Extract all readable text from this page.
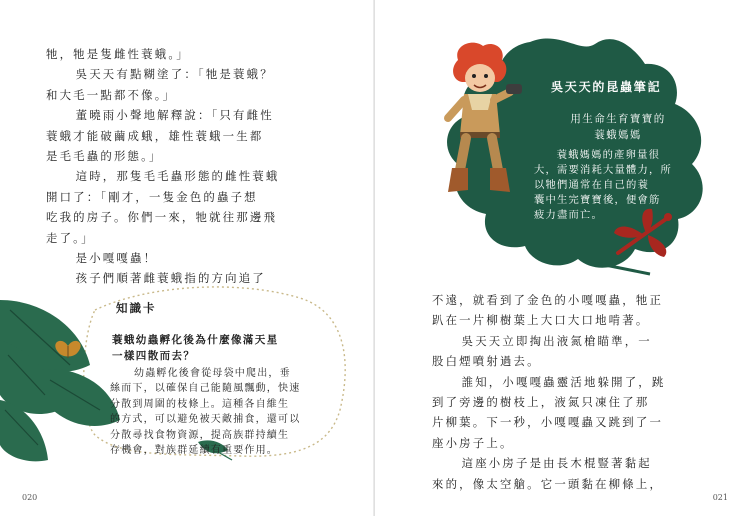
牠，牠是隻雌性蓑蛾。」

吳天天有點糊塗了：「牠是蓑蛾？

和大毛一點都不像。」

董曉雨小聲地解釋說：「只有雌性

蓑蛾才能破繭成蛾，雄性蓑蛾一生都

是毛毛蟲的形態。」

這時，那隻毛毛蟲形態的雌性蓑蛾

開口了：「剛才，一隻金色的蟲子想

吃我的房子。你們一來，牠就往那邊飛

走了。」

是小嘎嘎蟲！

孩子們順著雌蓑蛾指的方向追了

知識卡
蓑蛾幼蟲孵化後為什麼像滿天星
一樣四散而去？

幼蟲孵化後會從母袋中爬出，垂

絲而下，以確保自己能隨風飄動，快速

分散到周圍的枝條上。這種各自維生

的方式，可以避免被天敵捕食，還可以

分散尋找食物資源，提高族群持續生

存機會，對族群延續有重要作用。

020
吳天天的昆蟲筆記
用生命生育寶寶的
蓑蛾媽媽

蓑蛾媽媽的產卵量很

大，需要消耗大量體力，所

以牠們通常在自己的蓑

囊中生完寶寶後，便會筋

疲力盡而亡。

不遠，就看到了金色的小嘎嘎蟲，牠正

趴在一片柳樹葉上大口大口地啃著。

吳天天立即掏出液氮槍瞄準，一

股白煙噴射過去。

誰知，小嘎嘎蟲靈活地躲開了，跳

到了旁邊的樹枝上，液氮只凍住了那

片柳葉。下一秒，小嘎嘎蟲又跳到了一

座小房子上。

這座小房子是由長木棍豎著黏起

來的，像太空艙。它一頭黏在柳條上，

021
